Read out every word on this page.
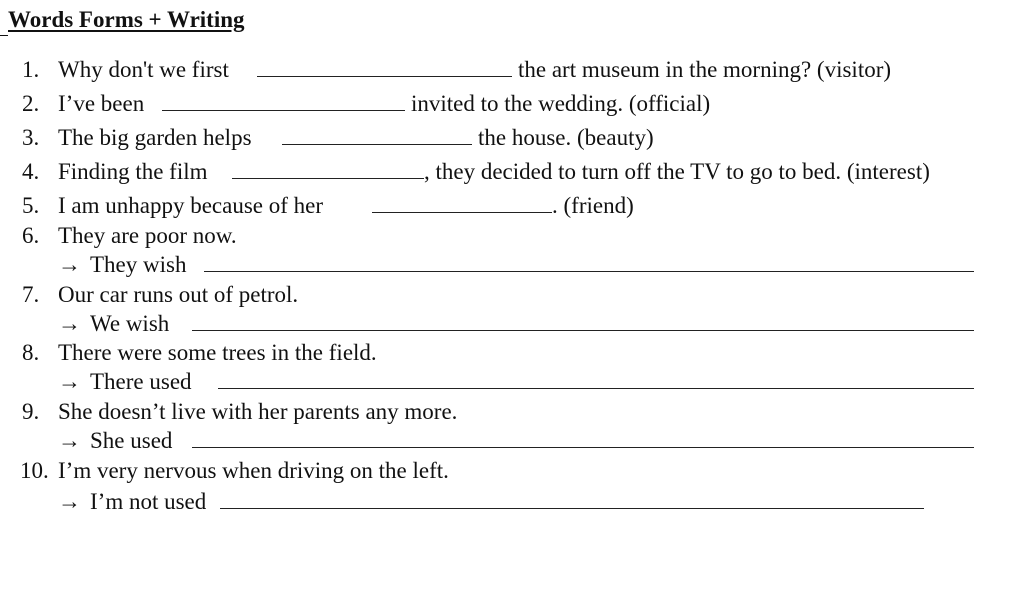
Words Forms + Writing
1. Why don't we first	the art museum in the morning? (visitor)
2. I’ve been	invited to the wedding. (official)
3. The big garden helps	the house. (beauty)
4. Finding the film	, they decided to turn off the TV to go to bed. (interest)
5. I am unhappy because of her	. (friend)
6. They are poor now.
→ They wish
7. Our car runs out of petrol.
→ We wish
8. There were some trees in the field.
→ There used
9. She doesn’t live with her parents any more.
→ She used
10. I’m very nervous when driving on the left.
→ I’m not used
